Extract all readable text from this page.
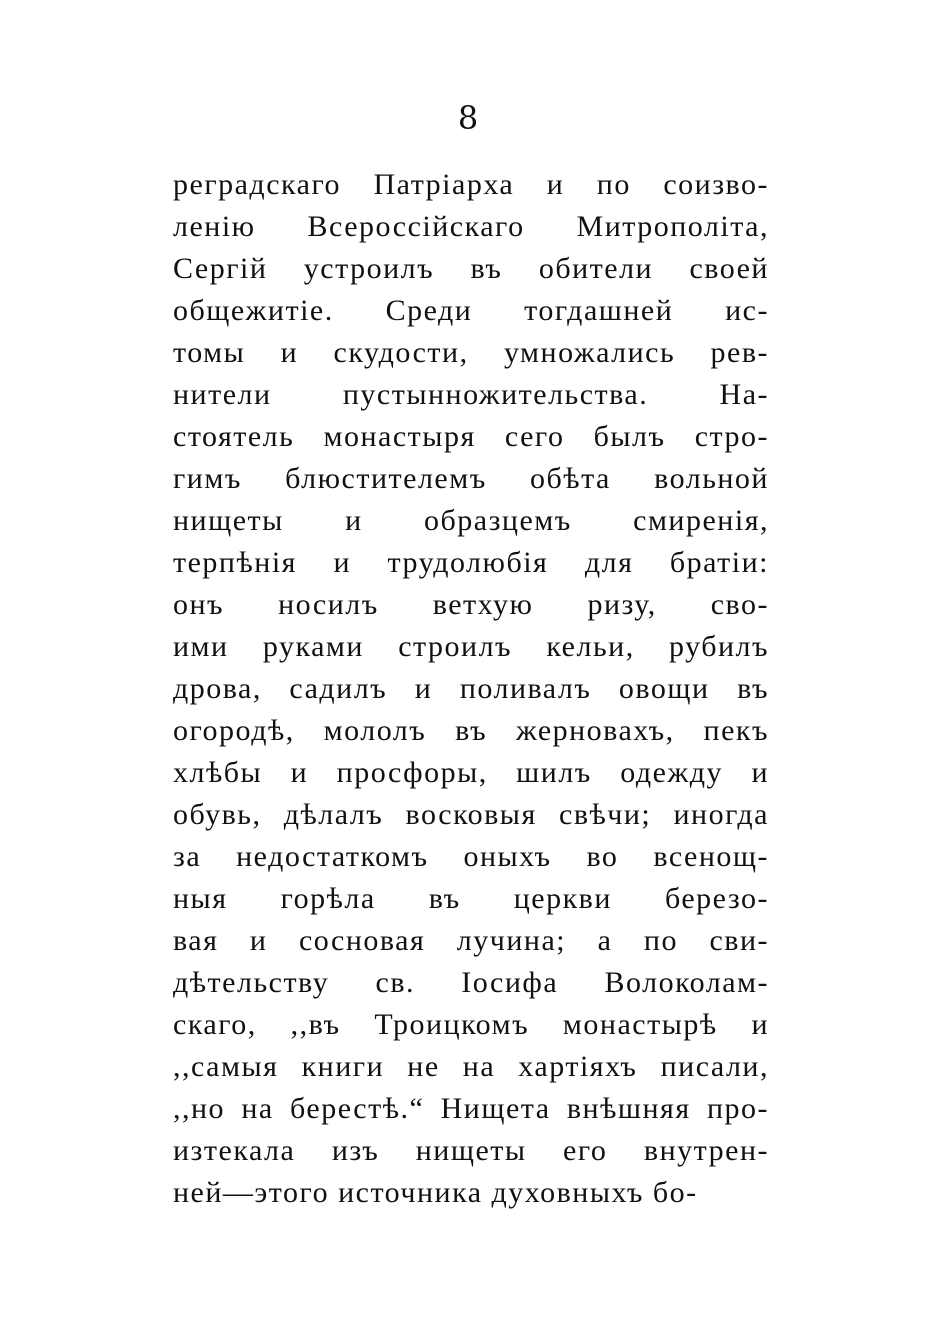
8
реградскаго Патріарха и по соизво-
ленію Всероссійскаго Митрополіта,
Сергій устроилъ въ обители своей
общежитіе. Среди тогдашней ис-
томы и скудости, умножались рев-
нители пустынножительства. На-
стоятель монастыря сего былъ стро-
гимъ блюстителемъ обѣта вольной
нищеты и образцемъ смиренія,
терпѣнія и трудолюбія для братіи:
онъ носилъ ветхую ризу, сво-
ими руками строилъ кельи, рубилъ
дрова, садилъ и поливалъ овощи въ
огородѣ, мололъ въ жерновахъ, пекъ
хлѣбы и просфоры, шилъ одежду и
обувь, дѣлалъ восковыя свѣчи; иногда
за недостаткомъ оныхъ во всенощ-
ныя горѣла въ церкви березо-
вая и сосновая лучина; а по сви-
дѣтельству св. Іосифа Волоколам-
скаго, ,,въ Троицкомъ монастырѣ и
,,самыя книги не на хартіяхъ писали,
,,но на берестѣ.“ Нищета внѣшняя про-
изтекала изъ нищеты его внутрен-
ней—этого источника духовныхъ бо-
